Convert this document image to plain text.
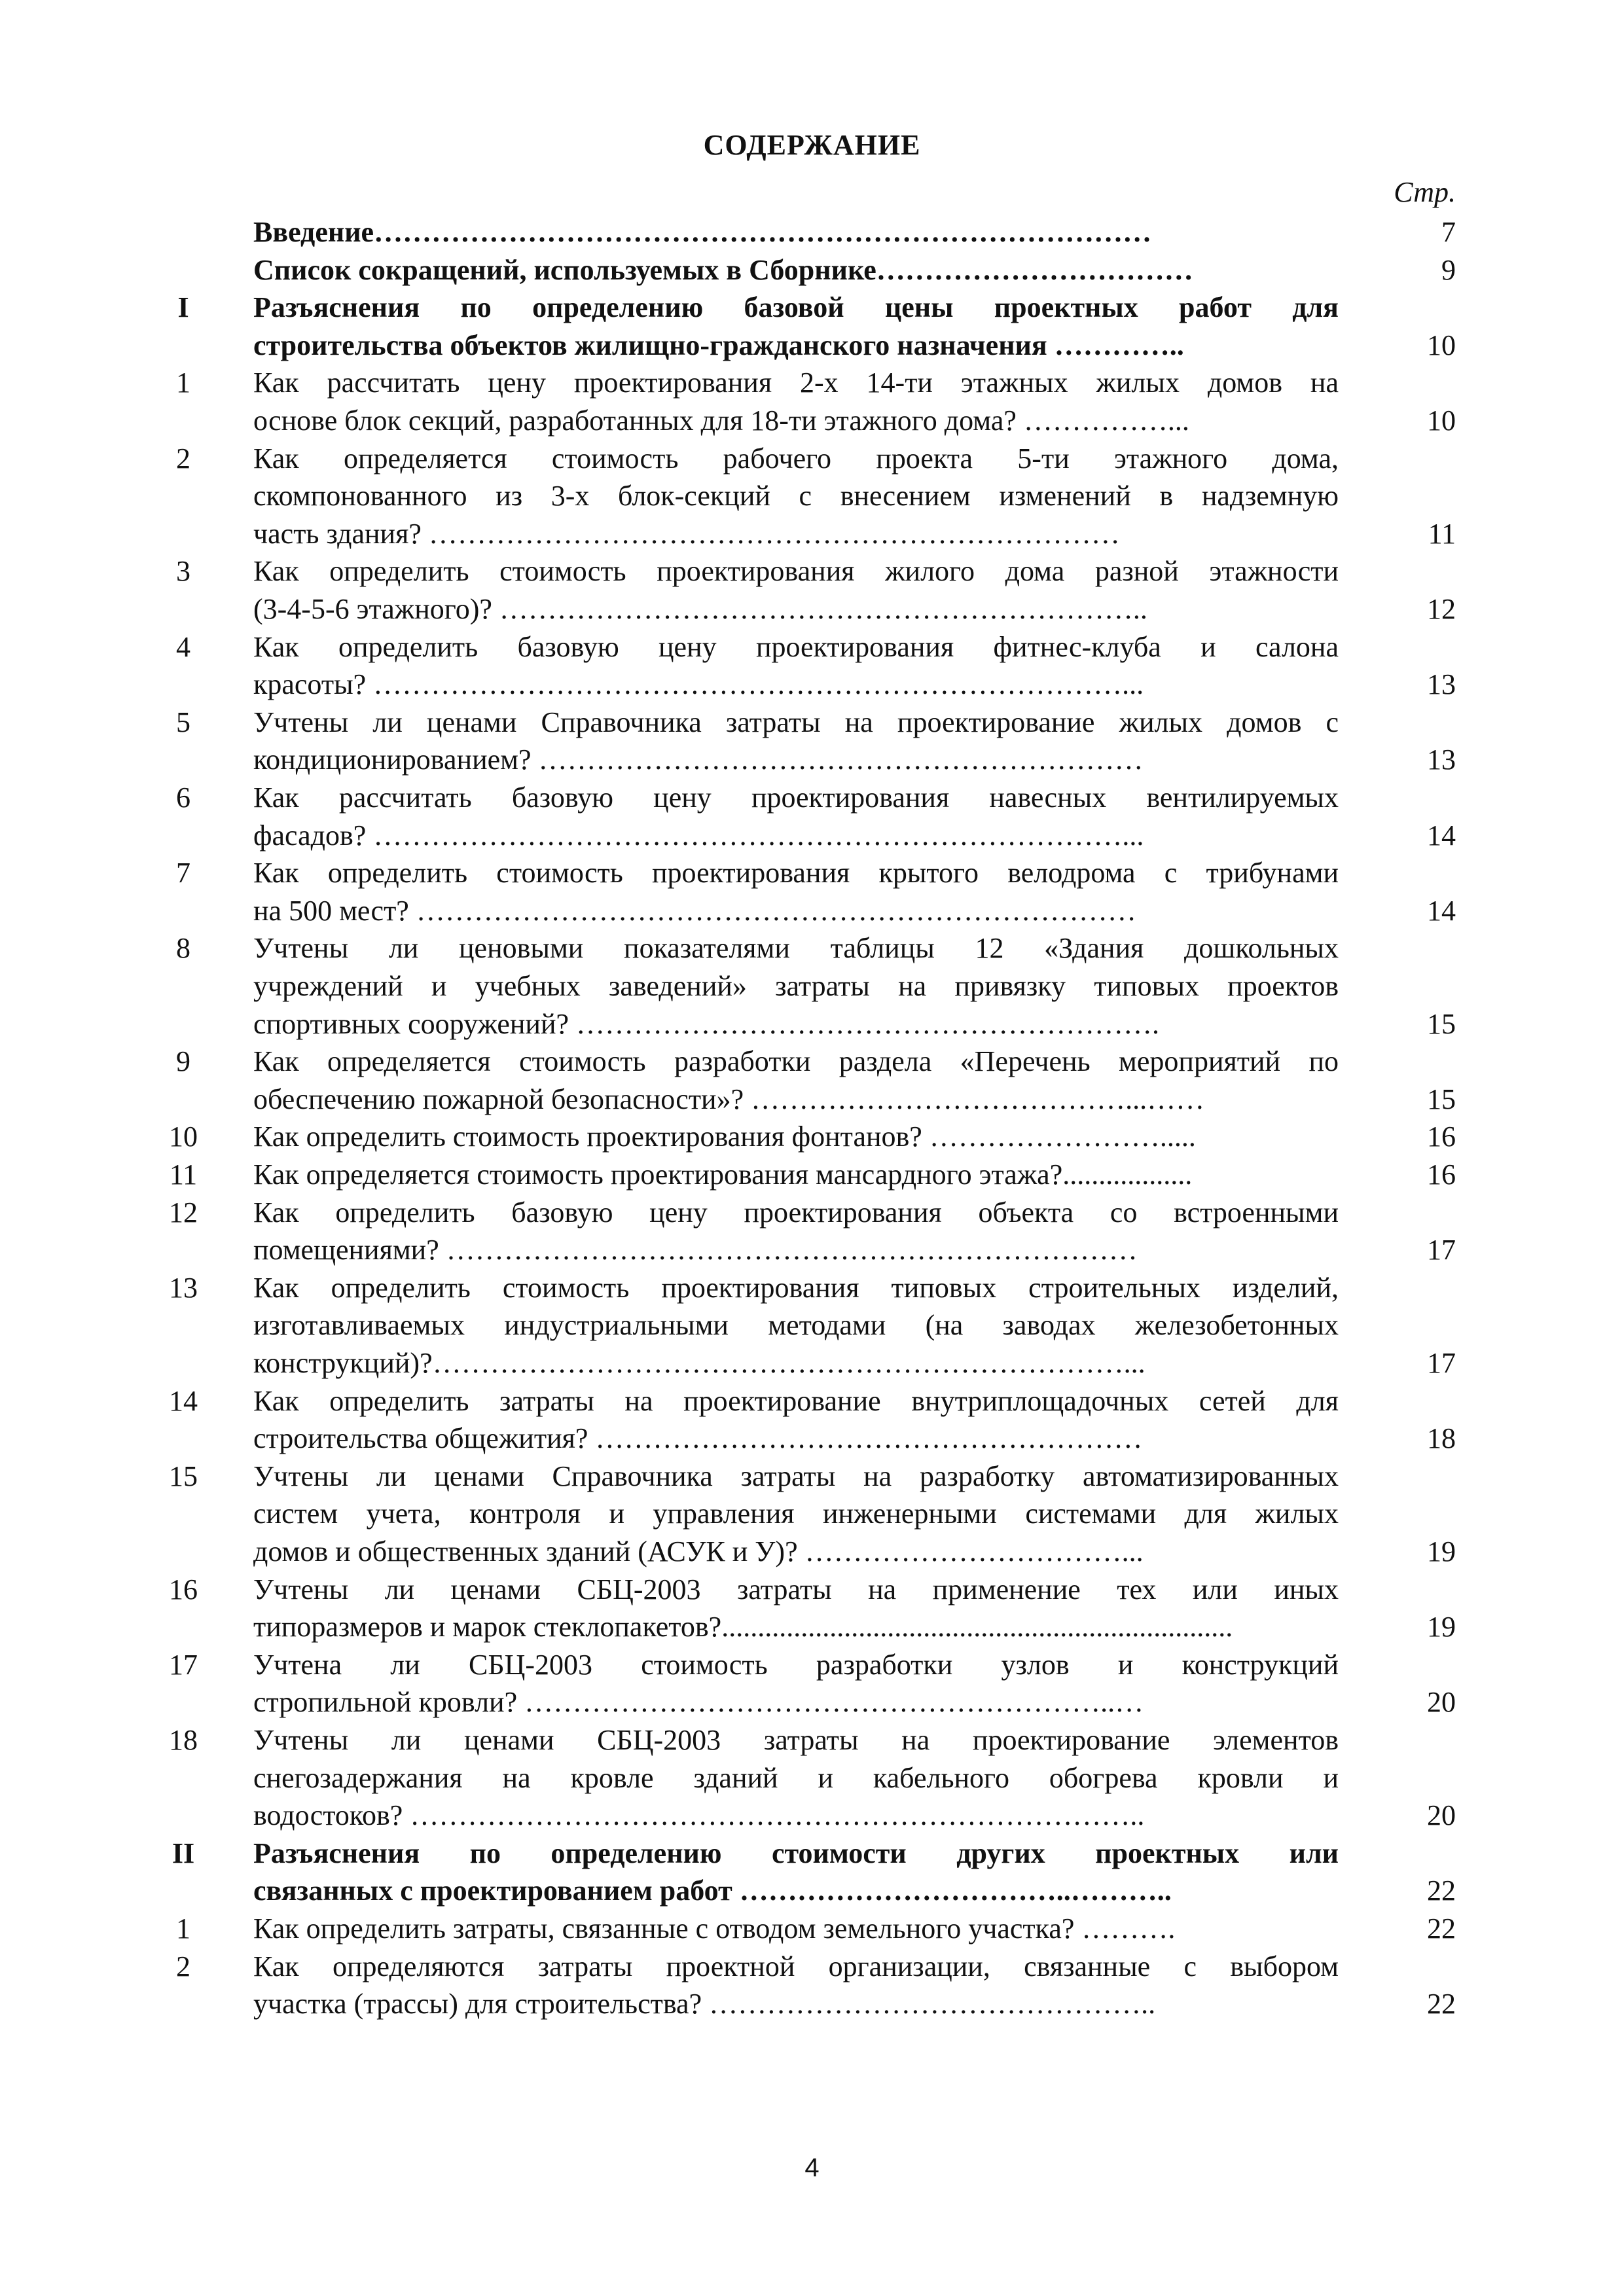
СОДЕРЖАНИЕ
Стр.
Введение………………………………………………………………………	7
Список сокращений, используемых в Сборнике……………………………	9
I	Разъяснения по определению базовой цены проектных работ для
строительства объектов жилищно-гражданского назначения …………..	10
1	Как рассчитать цену проектирования 2-х 14-ти этажных жилых домов на
основе блок секций, разработанных для 18-ти этажного дома? ……………...	10
2	Как определяется стоимость рабочего проекта 5-ти этажного дома,
скомпонованного из 3-х блок-секций с внесением изменений в надземную
часть здания? ………………………………………………………………	11
3	Как определить стоимость проектирования жилого дома разной этажности
(3-4-5-6 этажного)? …………………………………………………………..	12
4	Как определить базовую цену проектирования фитнес-клуба и салона
красоты? ……………………………………………………………………...	13
5	Учтены ли ценами Справочника затраты на проектирование жилых домов с
кондиционированием? ………………………………………………………	13
6	Как рассчитать базовую цену проектирования навесных вентилируемых
фасадов? ……………………………………………………………………...	14
7	Как определить стоимость проектирования крытого велодрома с трибунами
на 500 мест? …………………………………………………………………	14
8	Учтены ли ценовыми показателями таблицы 12 «Здания дошкольных
учреждений и учебных заведений» затраты на привязку типовых проектов
спортивных сооружений? …………………………………………………….	15
9	Как определяется стоимость разработки раздела «Перечень мероприятий по
обеспечению пожарной безопасности»? …………………………………...……	15
10	Как определить стоимость проектирования фонтанов? …………………….....	16
11	Как определяется стоимость проектирования мансардного этажа?..................	16
12	Как определить базовую цену проектирования объекта со встроенными
помещениями? ………………………………………………………………	17
13	Как определить стоимость проектирования типовых строительных изделий,
изготавливаемых индустриальными методами (на заводах железобетонных
конструкций)?………………………………………………………………...	17
14	Как определить затраты на проектирование внутриплощадочных сетей для
строительства общежития? …………………………………………………	18
15	Учтены ли ценами Справочника затраты на разработку автоматизированных
систем учета, контроля и управления инженерными системами для жилых
домов и общественных зданий (АСУК и У)? ……………………………...	19
16	Учтены ли ценами СБЦ-2003 затраты на применение тех или иных
типоразмеров и марок стеклопакетов?.......................................................................	19
17	Учтена ли СБЦ-2003 стоимость разработки узлов и конструкций
стропильной кровли? ……………………………………………………..…	20
18	Учтены ли ценами СБЦ-2003 затраты на проектирование элементов
снегозадержания на кровле зданий и кабельного обогрева кровли и
водостоков? …………………………………………………………………..	20
II	Разъяснения по определению стоимости других проектных или
связанных с проектированием работ ……………………………..………..	22
1	Как определить затраты, связанные с отводом земельного участка? ……….	22
2	Как определяются затраты проектной организации, связанные с выбором
участка (трассы) для строительства? ………………………………………..	22
4
